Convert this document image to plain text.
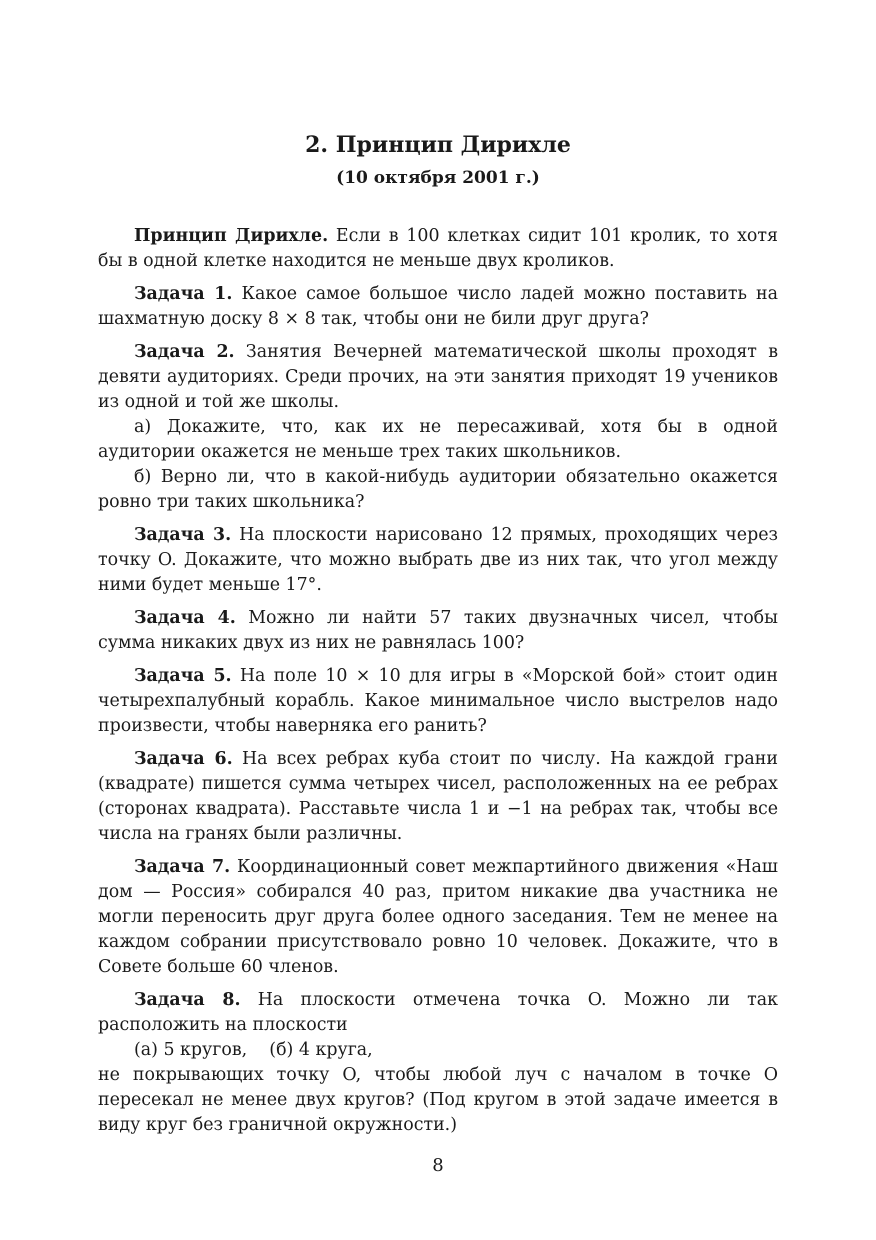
2. Принцип Дирихле

(10 октября 2001 г.)

Принцип Дирихле. Если в 100 клетках сидит 101 кролик, то хотя бы в одной клетке находится не меньше двух кроликов.

Задача 1. Какое самое большое число ладей можно поставить на шахматную доску 8 × 8 так, чтобы они не били друг друга?

Задача 2. Занятия Вечерней математической школы проходят в девяти аудиториях. Среди прочих, на эти занятия приходят 19 учеников из одной и той же школы.

а) Докажите, что, как их не пересаживай, хотя бы в одной аудитории окажется не меньше трех таких школьников.

б) Верно ли, что в какой-нибудь аудитории обязательно окажется ровно три таких школьника?

Задача 3. На плоскости нарисовано 12 прямых, проходящих через точку O. Докажите, что можно выбрать две из них так, что угол между ними будет меньше 17°.

Задача 4. Можно ли найти 57 таких двузначных чисел, чтобы сумма никаких двух из них не равнялась 100?

Задача 5. На поле 10 × 10 для игры в «Морской бой» стоит один четырехпалубный корабль. Какое минимальное число выстрелов надо произвести, чтобы наверняка его ранить?

Задача 6. На всех ребрах куба стоит по числу. На каждой грани (квадрате) пишется сумма четырех чисел, расположенных на ее ребрах (сторонах квадрата). Расставьте числа 1 и −1 на ребрах так, чтобы все числа на гранях были различны.

Задача 7. Координационный совет межпартийного движения «Наш дом — Россия» собирался 40 раз, притом никакие два участника не могли переносить друг друга более одного заседания. Тем не менее на каждом собрании присутствовало ровно 10 человек. Докажите, что в Совете больше 60 членов.

Задача 8. На плоскости отмечена точка O. Можно ли так расположить на плоскости

(а) 5 кругов,    (б) 4 круга,

не покрывающих точку O, чтобы любой луч с началом в точке O пересекал не менее двух кругов? (Под кругом в этой задаче имеется в виду круг без граничной окружности.)

8
